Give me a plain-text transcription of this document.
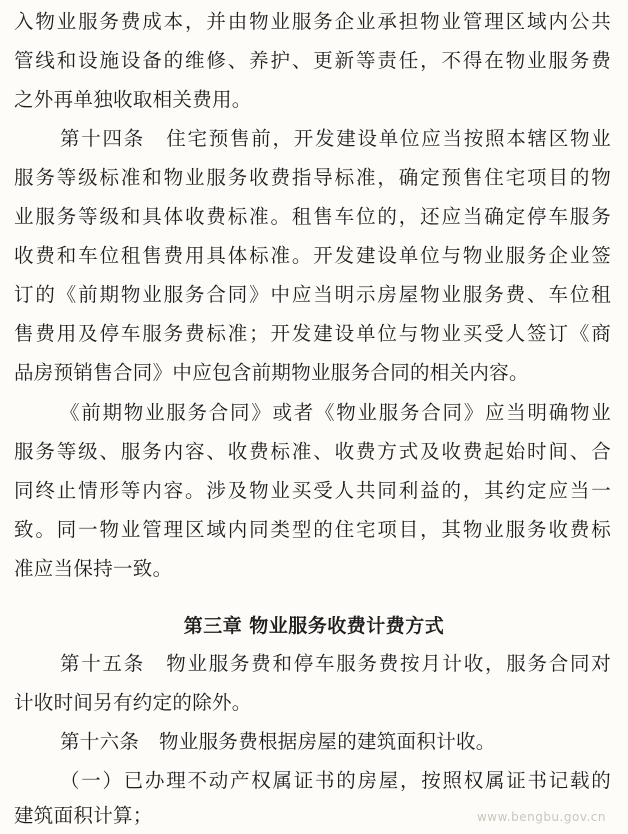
入物业服务费成本，并由物业服务企业承担物业管理区域内公共
管线和设施设备的维修、养护、更新等责任，不得在物业服务费
之外再单独收取相关费用。
第十四条　住宅预售前，开发建设单位应当按照本辖区物业
服务等级标准和物业服务收费指导标准，确定预售住宅项目的物
业服务等级和具体收费标准。租售车位的，还应当确定停车服务
收费和车位租售费用具体标准。开发建设单位与物业服务企业签
订的《前期物业服务合同》中应当明示房屋物业服务费、车位租
售费用及停车服务费标准；开发建设单位与物业买受人签订《商
品房预销售合同》中应包含前期物业服务合同的相关内容。
《前期物业服务合同》或者《物业服务合同》应当明确物业
服务等级、服务内容、收费标准、收费方式及收费起始时间、合
同终止情形等内容。涉及物业买受人共同利益的，其约定应当一
致。同一物业管理区域内同类型的住宅项目，其物业服务收费标
准应当保持一致。
第三章 物业服务收费计费方式
第十五条　物业服务费和停车服务费按月计收，服务合同对
计收时间另有约定的除外。
第十六条　物业服务费根据房屋的建筑面积计收。
（一）已办理不动产权属证书的房屋，按照权属证书记载的
建筑面积计算；	www.bengbu.gov.cn
